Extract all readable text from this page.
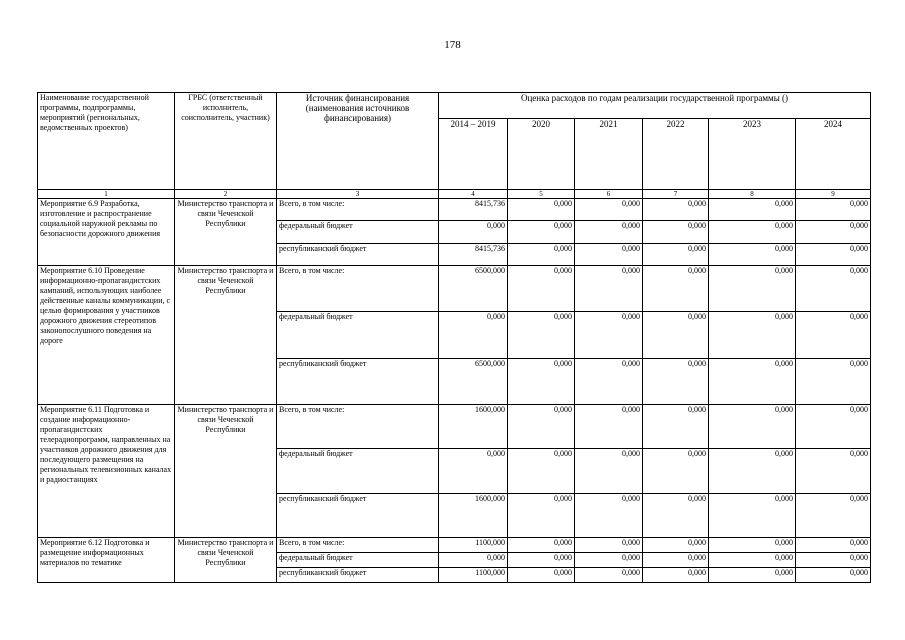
178
Наименование государственной программы, подпрограммы, мероприятий (региональных, ведомственных проектов)	ГРБС (ответственный исполнитель, соисполнитель, участник)	Источник финансирования (наименования источников финансирования)	Оценка расходов по годам реализации государственной программы ()					
			2014 – 2019	2020	2021	2022	2023	2024
1	2	3	4	5	6	7	8	9
Мероприятие 6.9 Разработка, изготовление и распространение социальной наружной рекламы по безопасности дорожного движения	Министерство транспорта и связи Чеченской Республики	Всего, в том числе:	8415,736	0,000	0,000	0,000	0,000	0,000
		федеральный бюджет	0,000	0,000	0,000	0,000	0,000	0,000
		республиканский бюджет	8415,736	0,000	0,000	0,000	0,000	0,000
Мероприятие 6.10 Проведение информационно-пропагандистских кампаний, использующих наиболее действенные каналы коммуникации, с целью формирования у участников дорожного движения стереотипов законопослушного поведения на дороге	Министерство транспорта и связи Чеченской Республики	Всего, в том числе:	6500,000	0,000	0,000	0,000	0,000	0,000
		федеральный бюджет	0,000	0,000	0,000	0,000	0,000	0,000
		республиканский бюджет	6500,000	0,000	0,000	0,000	0,000	0,000
Мероприятие 6.11 Подготовка и создание информационно-пропагандистских телерадиопрограмм, направленных на участников дорожного движения для последующего размещения на региональных телевизионных каналах и радиостанциях	Министерство транспорта и связи Чеченской Республики	Всего, в том числе:	1600,000	0,000	0,000	0,000	0,000	0,000
		федеральный бюджет	0,000	0,000	0,000	0,000	0,000	0,000
		республиканский бюджет	1600,000	0,000	0,000	0,000	0,000	0,000
Мероприятие 6.12 Подготовка и размещение информационных материалов по тематике	Министерство транспорта и связи Чеченской Республики	Всего, в том числе:	1100,000	0,000	0,000	0,000	0,000	0,000
		федеральный бюджет	0,000	0,000	0,000	0,000	0,000	0,000
		республиканский бюджет	1100,000	0,000	0,000	0,000	0,000	0,000
